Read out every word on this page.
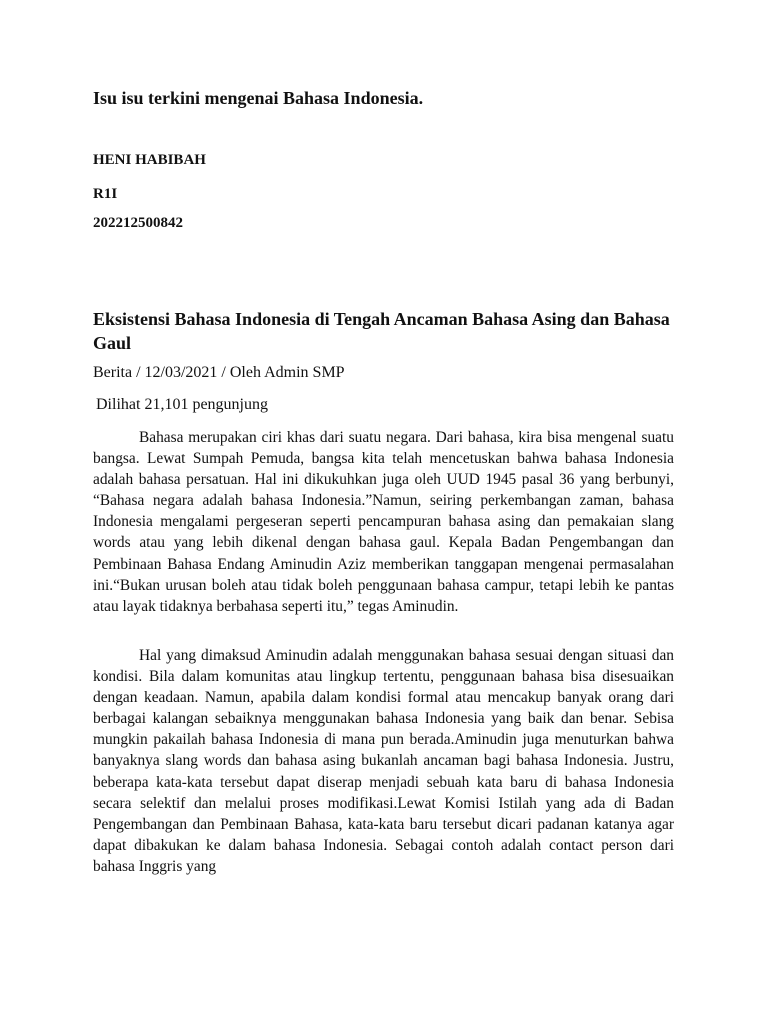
Isu isu terkini mengenai Bahasa Indonesia.

HENI HABIBAH

R1I

202212500842

Eksistensi Bahasa Indonesia di Tengah Ancaman Bahasa Asing dan Bahasa Gaul

Berita / 12/03/2021 / Oleh Admin SMP

Dilihat 21,101 pengunjung

Bahasa merupakan ciri khas dari suatu negara. Dari bahasa, kira bisa mengenal suatu bangsa. Lewat Sumpah Pemuda, bangsa kita telah mencetuskan bahwa bahasa Indonesia adalah bahasa persatuan. Hal ini dikukuhkan juga oleh UUD 1945 pasal 36 yang berbunyi, “Bahasa negara adalah bahasa Indonesia.”Namun, seiring perkembangan zaman, bahasa Indonesia mengalami pergeseran seperti pencampuran bahasa asing dan pemakaian slang words atau yang lebih dikenal dengan bahasa gaul. Kepala Badan Pengembangan dan Pembinaan Bahasa Endang Aminudin Aziz memberikan tanggapan mengenai permasalahan ini.“Bukan urusan boleh atau tidak boleh penggunaan bahasa campur, tetapi lebih ke pantas atau layak tidaknya berbahasa seperti itu,” tegas Aminudin.

Hal yang dimaksud Aminudin adalah menggunakan bahasa sesuai dengan situasi dan kondisi. Bila dalam komunitas atau lingkup tertentu, penggunaan bahasa bisa disesuaikan dengan keadaan. Namun, apabila dalam kondisi formal atau mencakup banyak orang dari berbagai kalangan sebaiknya menggunakan bahasa Indonesia yang baik dan benar. Sebisa mungkin pakailah bahasa Indonesia di mana pun berada.Aminudin juga menuturkan bahwa banyaknya slang words dan bahasa asing bukanlah ancaman bagi bahasa Indonesia. Justru, beberapa kata-kata tersebut dapat diserap menjadi sebuah kata baru di bahasa Indonesia secara selektif dan melalui proses modifikasi.Lewat Komisi Istilah yang ada di Badan Pengembangan dan Pembinaan Bahasa, kata-kata baru tersebut dicari padanan katanya agar dapat dibakukan ke dalam bahasa Indonesia. Sebagai contoh adalah contact person dari bahasa Inggris yang
